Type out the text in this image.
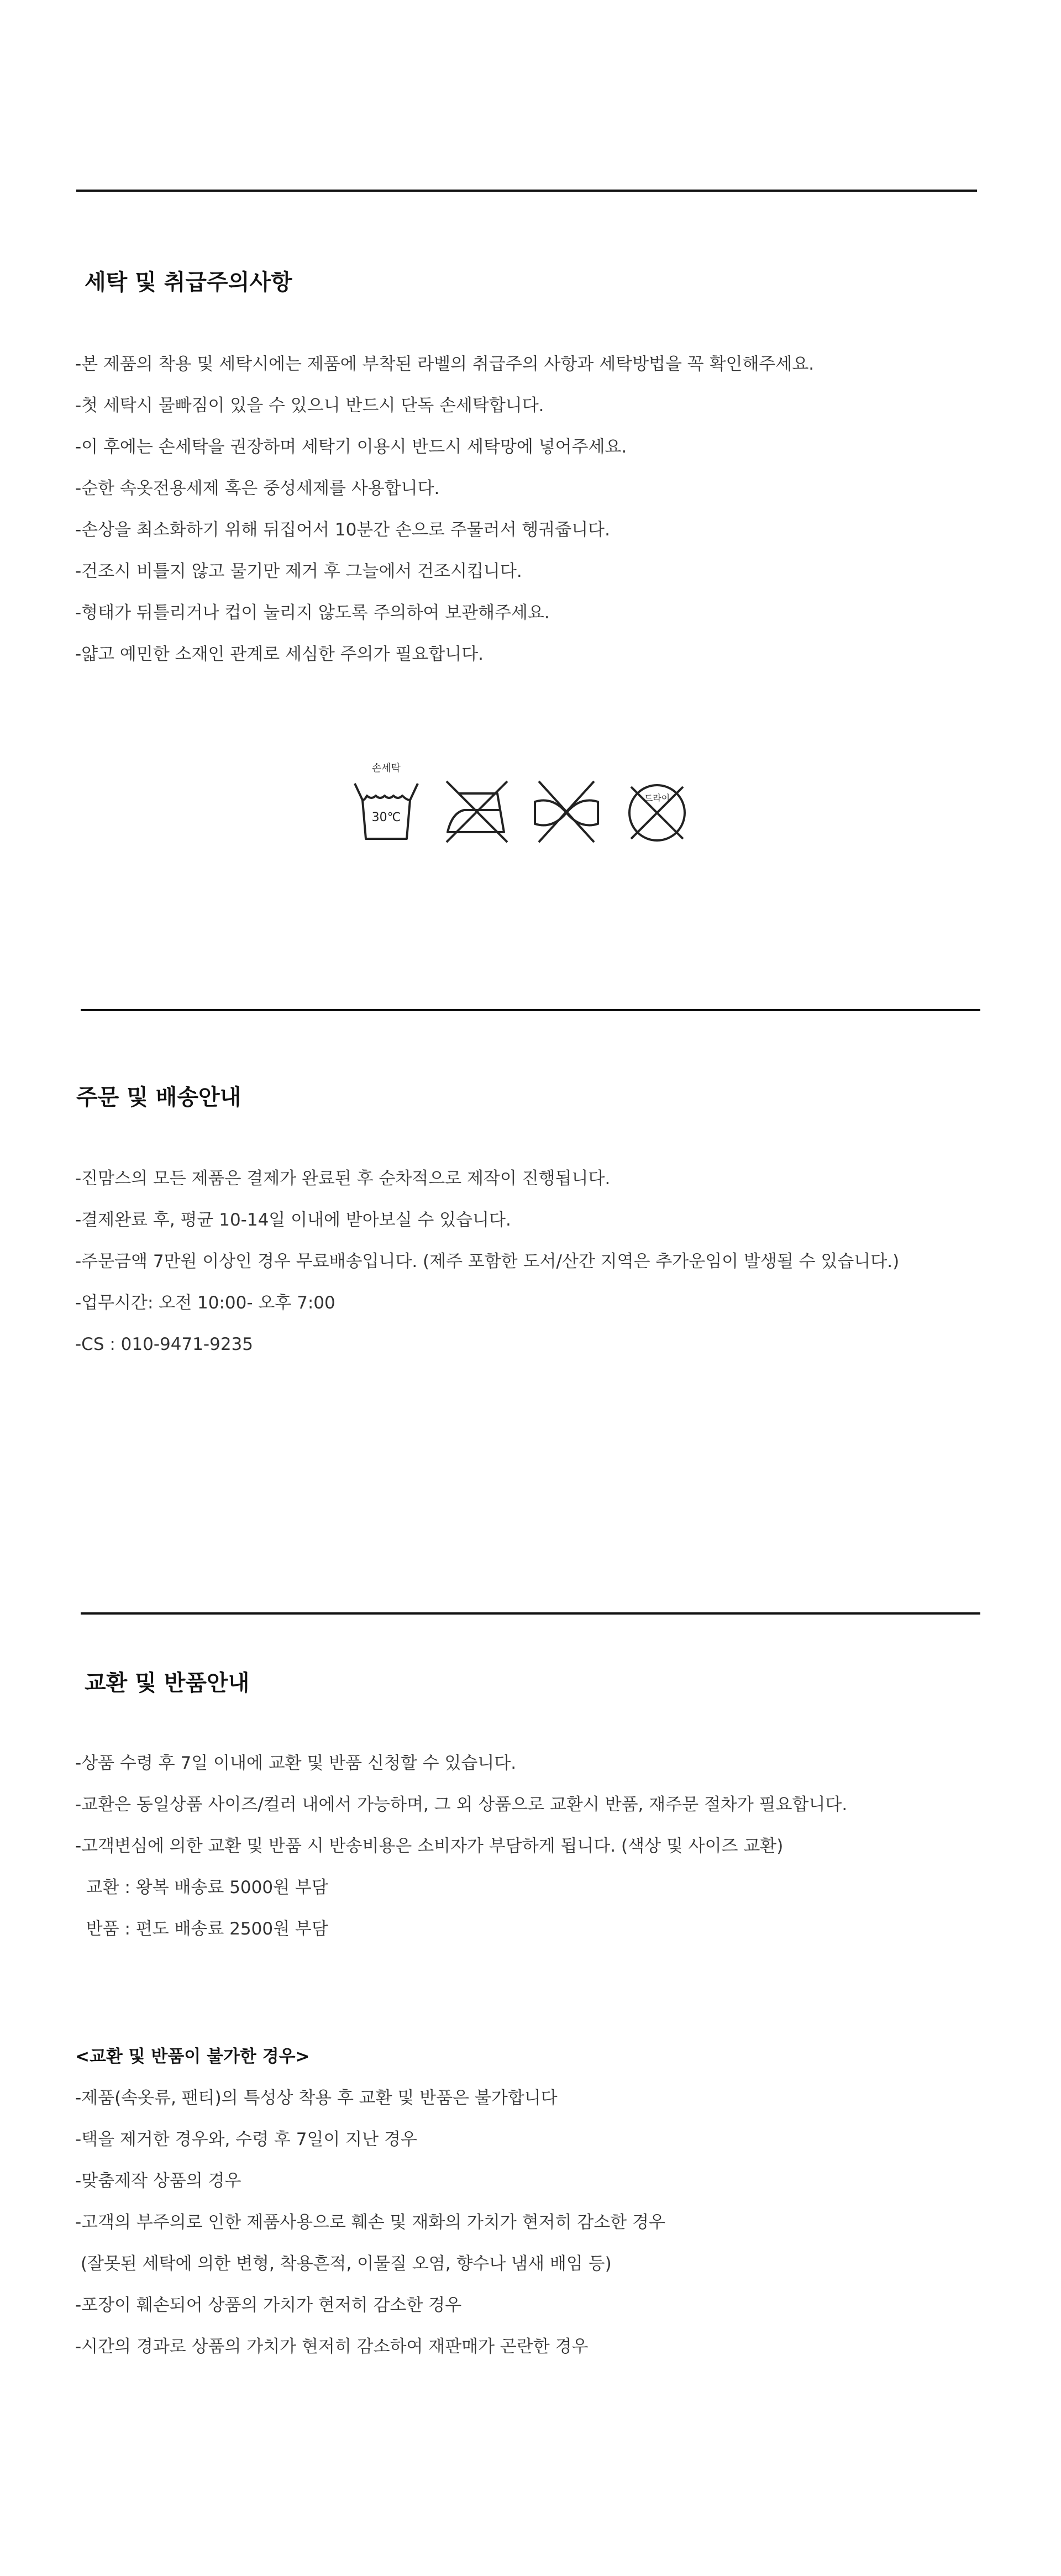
세탁 및 취급주의사항
-본 제품의 착용 및 세탁시에는 제품에 부착된 라벨의 취급주의 사항과 세탁방법을 꼭 확인해주세요.
-첫 세탁시 물빠짐이 있을 수 있으니 반드시 단독 손세탁합니다.
-이 후에는 손세탁을 권장하며 세탁기 이용시 반드시 세탁망에 넣어주세요.
-순한 속옷전용세제 혹은 중성세제를 사용합니다.
-손상을 최소화하기 위해 뒤집어서 10분간 손으로 주물러서 헹궈줍니다.
-건조시 비틀지 않고 물기만 제거 후 그늘에서 건조시킵니다.
-형태가 뒤틀리거나 컵이 눌리지 않도록 주의하여 보관해주세요.
-얇고 예민한 소재인 관계로 세심한 주의가 필요합니다.
손세탁
30℃
드라이
주문 및 배송안내
-진맘스의 모든 제품은 결제가 완료된 후 순차적으로 제작이 진행됩니다.
-결제완료 후, 평균 10-14일 이내에 받아보실 수 있습니다.
-주문금액 7만원 이상인 경우 무료배송입니다. (제주 포함한 도서/산간 지역은 추가운임이 발생될 수 있습니다.)
-업무시간: 오전 10:00- 오후 7:00
-CS : 010-9471-9235
교환 및 반품안내
-상품 수령 후 7일 이내에 교환 및 반품 신청할 수 있습니다.
-교환은 동일상품 사이즈/컬러 내에서 가능하며, 그 외 상품으로 교환시 반품, 재주문 절차가 필요합니다.
-고객변심에 의한 교환 및 반품 시 반송비용은 소비자가 부담하게 됩니다. (색상 및 사이즈 교환)
교환 : 왕복 배송료 5000원 부담
반품 : 편도 배송료 2500원 부담
<교환 및 반품이 불가한 경우>
-제품(속옷류, 팬티)의 특성상 착용 후 교환 및 반품은 불가합니다
-택을 제거한 경우와, 수령 후 7일이 지난 경우
-맞춤제작 상품의 경우
-고객의 부주의로 인한 제품사용으로 훼손 및 재화의 가치가 현저히 감소한 경우
(잘못된 세탁에 의한 변형, 착용흔적, 이물질 오염, 향수나 냄새 배임 등)
-포장이 훼손되어 상품의 가치가 현저히 감소한 경우
-시간의 경과로 상품의 가치가 현저히 감소하여 재판매가 곤란한 경우
